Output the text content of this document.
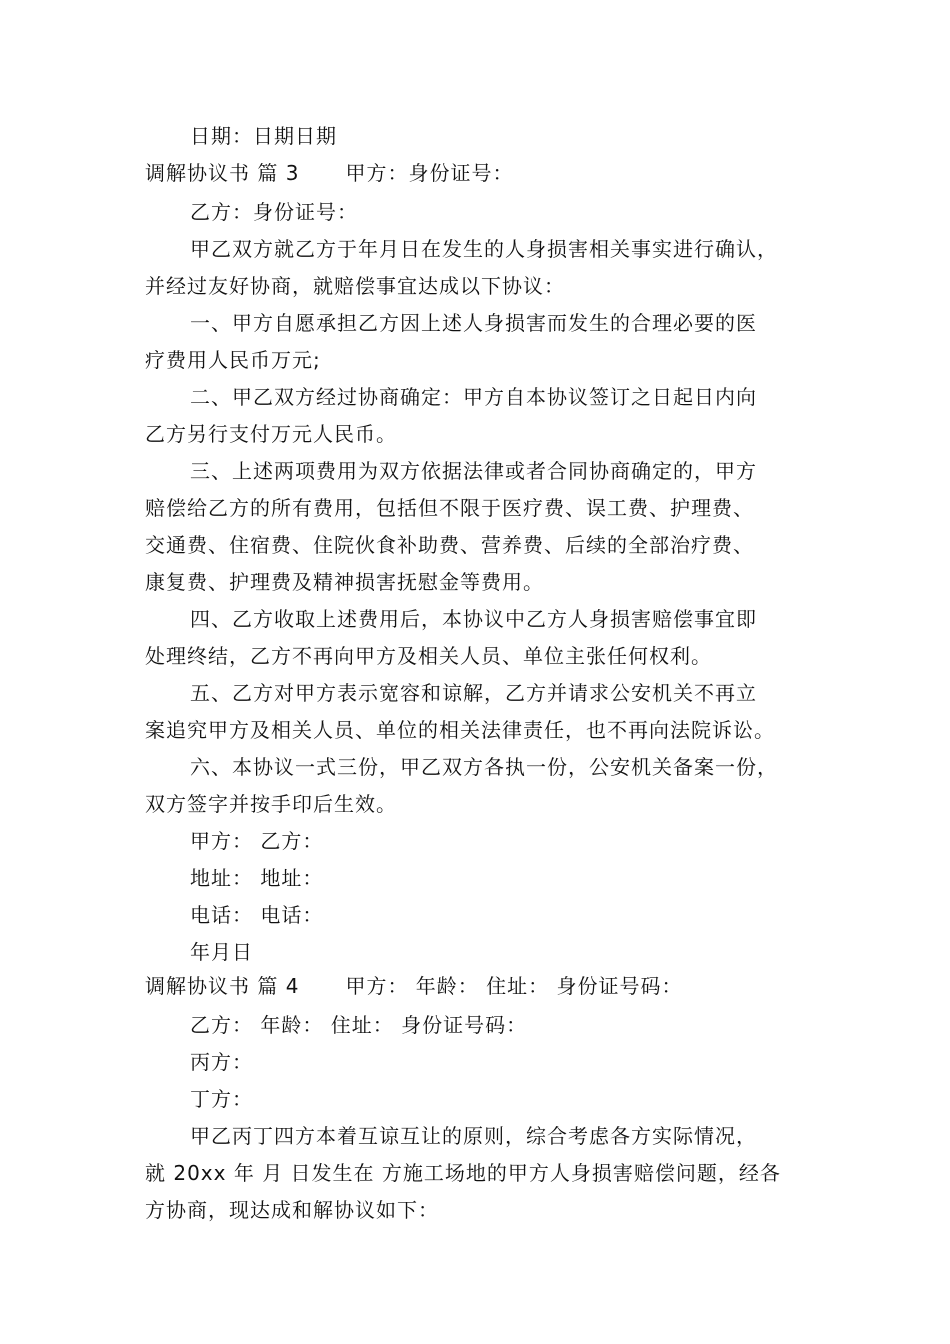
日期：日期日期
调解协议书 篇 3 甲方：身份证号：
乙方：身份证号：
甲乙双方就乙方于年月日在发生的人身损害相关事实进行确认，
并经过友好协商，就赔偿事宜达成以下协议：
一、甲方自愿承担乙方因上述人身损害而发生的合理必要的医
疗费用人民币万元;
二、甲乙双方经过协商确定：甲方自本协议签订之日起日内向
乙方另行支付万元人民币。
三、上述两项费用为双方依据法律或者合同协商确定的，甲方
赔偿给乙方的所有费用，包括但不限于医疗费、误工费、护理费、
交通费、住宿费、住院伙食补助费、营养费、后续的全部治疗费、
康复费、护理费及精神损害抚慰金等费用。
四、乙方收取上述费用后，本协议中乙方人身损害赔偿事宜即
处理终结，乙方不再向甲方及相关人员、单位主张任何权利。
五、乙方对甲方表示宽容和谅解，乙方并请求公安机关不再立
案追究甲方及相关人员、单位的相关法律责任，也不再向法院诉讼。
六、本协议一式三份，甲乙双方各执一份，公安机关备案一份，
双方签字并按手印后生效。
甲方： 乙方：
地址： 地址：
电话： 电话：
年月日
调解协议书 篇 4 甲方： 年龄： 住址： 身份证号码：
乙方： 年龄： 住址： 身份证号码：
丙方：
丁方：
甲乙丙丁四方本着互谅互让的原则，综合考虑各方实际情况，
就 20xx 年 月 日发生在 方施工场地的甲方人身损害赔偿问题，经各
方协商，现达成和解协议如下：
